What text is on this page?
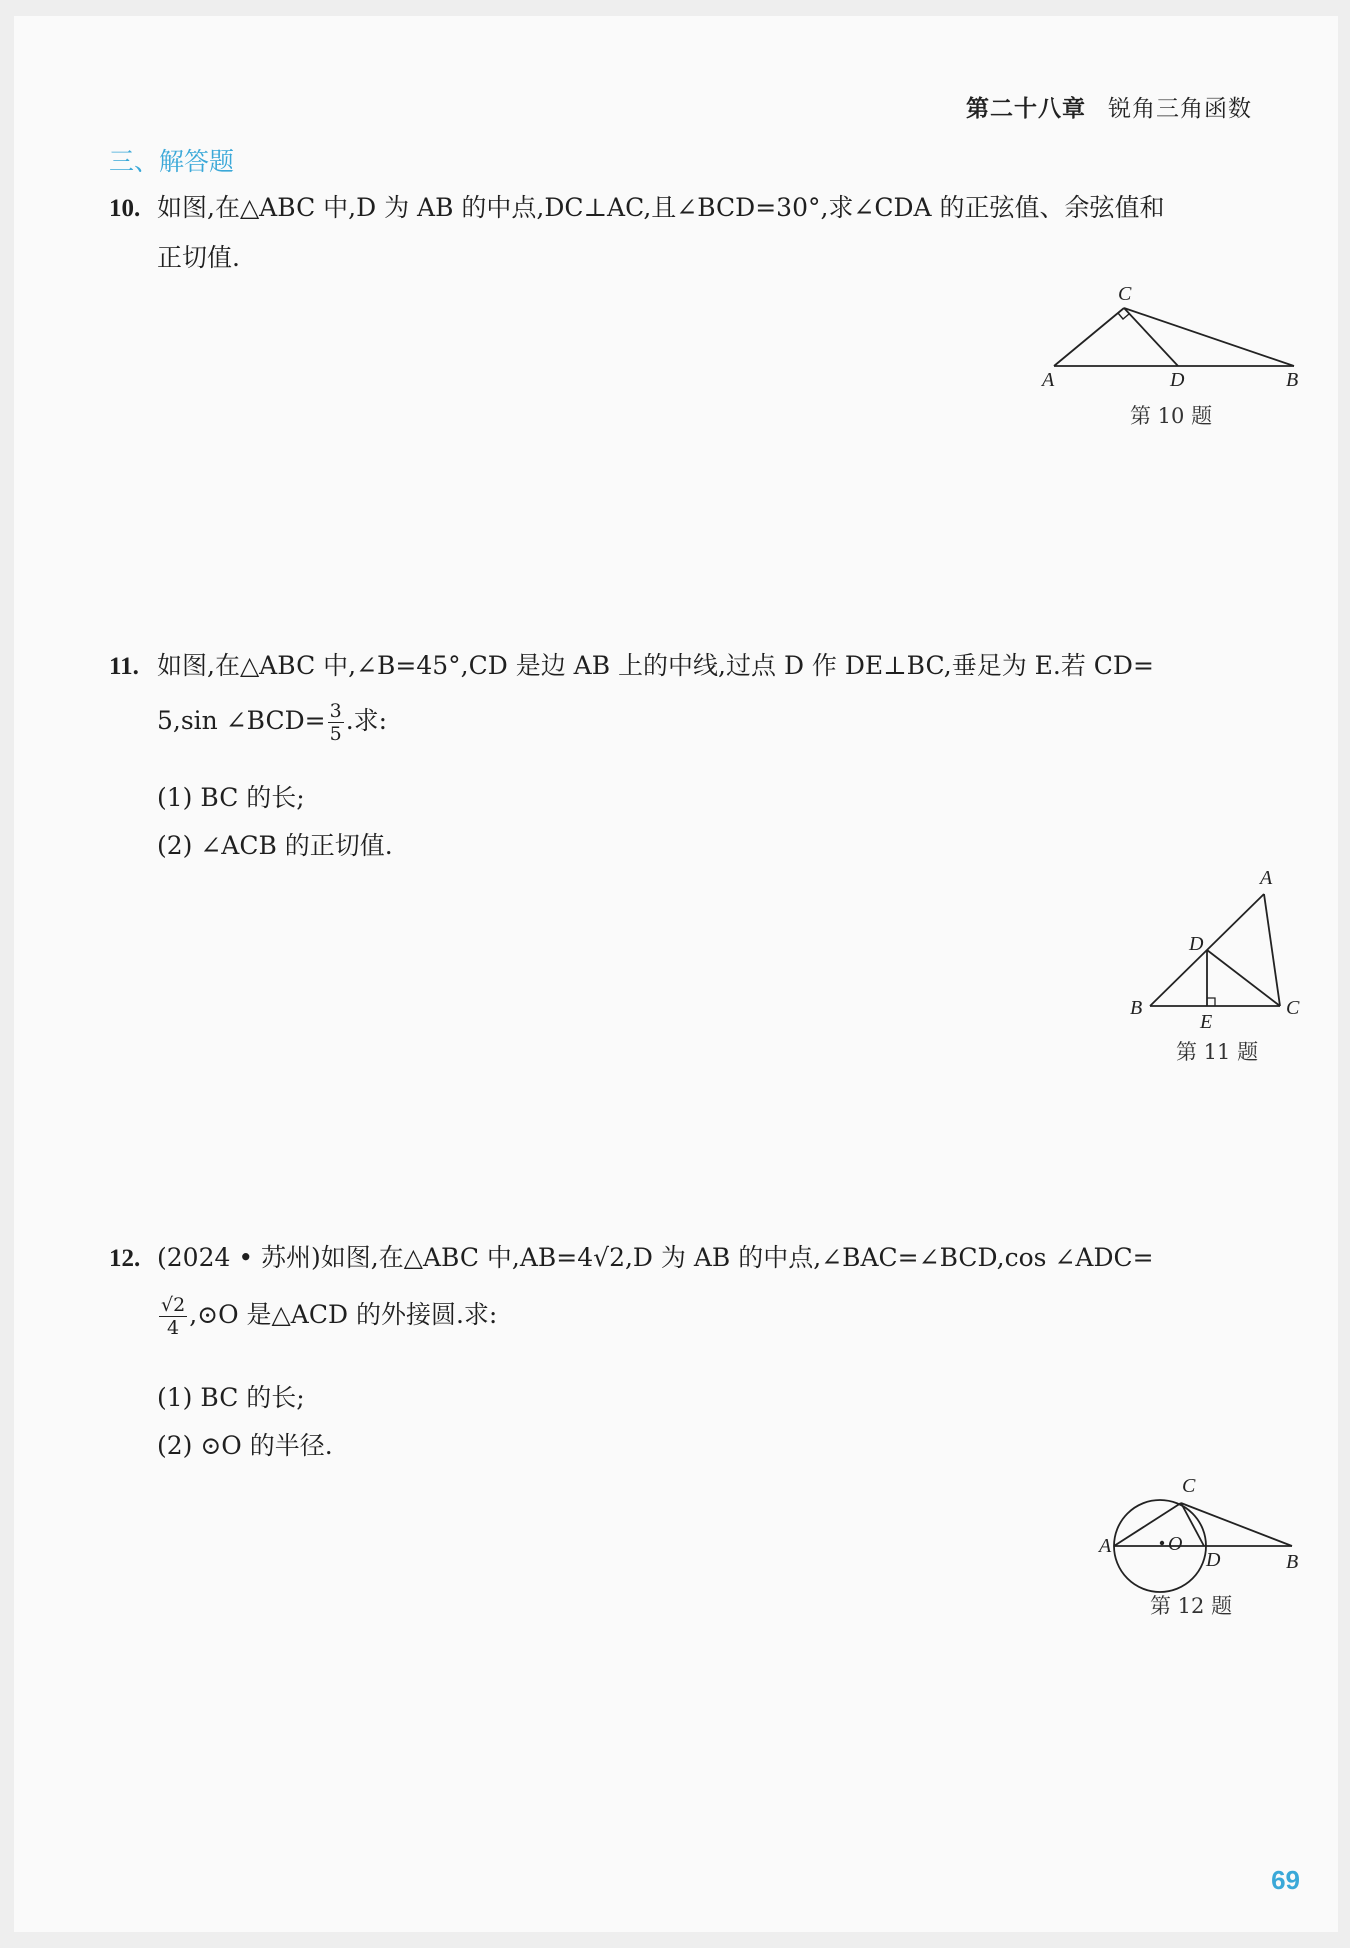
第二十八章 锐角三角函数
三、解答题
10. 如图,在△ABC 中,D 为 AB 的中点,DC⊥AC,且∠BCD=30°,求∠CDA 的正弦值、余弦值和
正切值.
C
A	D	B
第 10 题
11. 如图,在△ABC 中,∠B=45°,CD 是边 AB 上的中线,过点 D 作 DE⊥BC,垂足为 E.若 CD=
5,sin ∠BCD= $\frac{3}{5}$ .求:
(1) BC 的长;
(2) ∠ACB 的正切值.
A
D
B	C
E
第 11 题
12. (2024 • 苏州)如图,在△ABC 中,AB=4√2,D 为 AB 的中点,∠BAC=∠BCD,cos ∠ADC=
$\frac{√2}{4}$ ,⊙O 是△ACD 的外接圆.求:
(1) BC 的长;
(2) ⊙O 的半径.
C
A	O
D	B
第 12 题
69
